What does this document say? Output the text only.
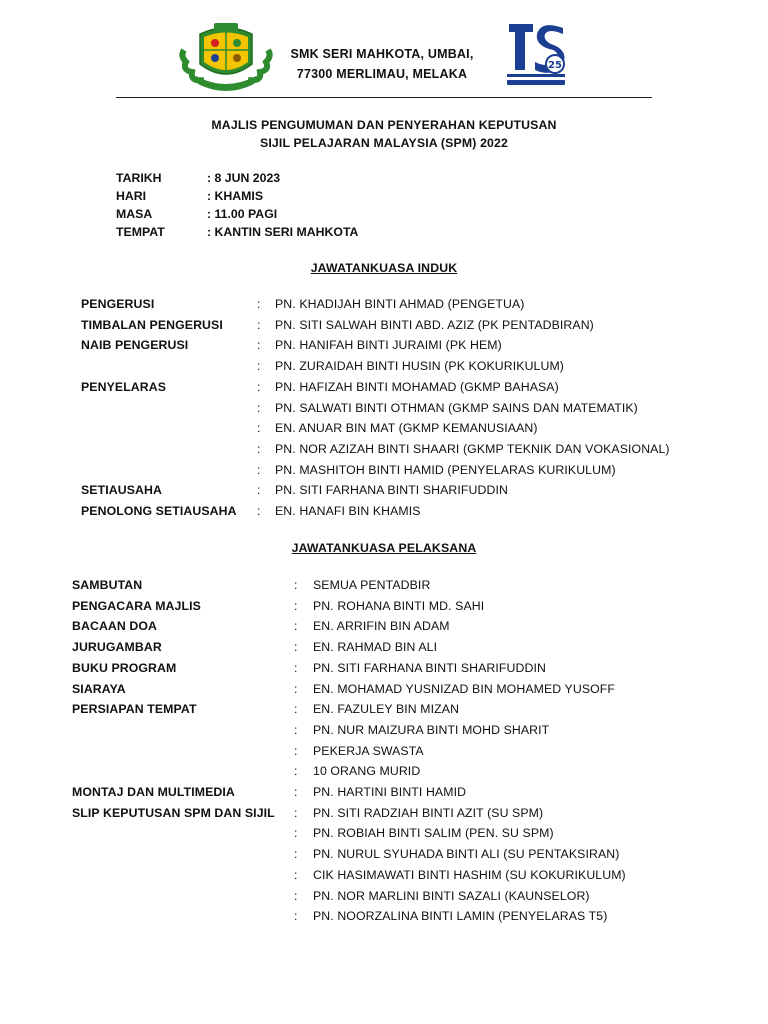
SMK SERI MAHKOTA, UMBAI,
77300 MERLIMAU, MELAKA
25
MAJLIS PENGUMUMAN DAN PENYERAHAN KEPUTUSAN
SIJIL PELAJARAN MALAYSIA (SPM) 2022
TARIKH	: 8 JUN 2023
HARI	: KHAMIS
MASA	: 11.00 PAGI
TEMPAT	: KANTIN SERI MAHKOTA
JAWATANKUASA INDUK
PENGERUSI	: PN. KHADIJAH BINTI AHMAD (PENGETUA)
TIMBALAN PENGERUSI	: PN. SITI SALWAH BINTI ABD. AZIZ (PK PENTADBIRAN)
NAIB PENGERUSI	: PN. HANIFAH BINTI JURAIMI (PK HEM)
: PN. ZURAIDAH BINTI HUSIN (PK KOKURIKULUM)
PENYELARAS	: PN. HAFIZAH BINTI MOHAMAD (GKMP BAHASA)
: PN. SALWATI BINTI OTHMAN (GKMP SAINS DAN MATEMATIK)
: EN. ANUAR BIN MAT (GKMP KEMANUSIAAN)
: PN. NOR AZIZAH BINTI SHAARI (GKMP TEKNIK DAN VOKASIONAL)
: PN. MASHITOH BINTI HAMID (PENYELARAS KURIKULUM)
SETIAUSAHA	: PN. SITI FARHANA BINTI SHARIFUDDIN
PENOLONG SETIAUSAHA : EN. HANAFI BIN KHAMIS
JAWATANKUASA PELAKSANA
SAMBUTAN	: SEMUA PENTADBIR
PENGACARA MAJLIS	: PN. ROHANA BINTI MD. SAHI
BACAAN DOA	: EN. ARRIFIN BIN ADAM
JURUGAMBAR	: EN. RAHMAD BIN ALI
BUKU PROGRAM	: PN. SITI FARHANA BINTI SHARIFUDDIN
SIARAYA	: EN. MOHAMAD YUSNIZAD BIN MOHAMED YUSOFF
PERSIAPAN TEMPAT	: EN. FAZULEY BIN MIZAN
: PN. NUR MAIZURA BINTI MOHD SHARIT
: PEKERJA SWASTA
: 10 ORANG MURID
MONTAJ DAN MULTIMEDIA	: PN. HARTINI BINTI HAMID
SLIP KEPUTUSAN SPM DAN SIJIL : PN. SITI RADZIAH BINTI AZIT (SU SPM)
: PN. ROBIAH BINTI SALIM (PEN. SU SPM)
: PN. NURUL SYUHADA BINTI ALI (SU PENTAKSIRAN)
: CIK HASIMAWATI BINTI HASHIM (SU KOKURIKULUM)
: PN. NOR MARLINI BINTI SAZALI (KAUNSELOR)
: PN. NOORZALINA BINTI LAMIN (PENYELARAS T5)
